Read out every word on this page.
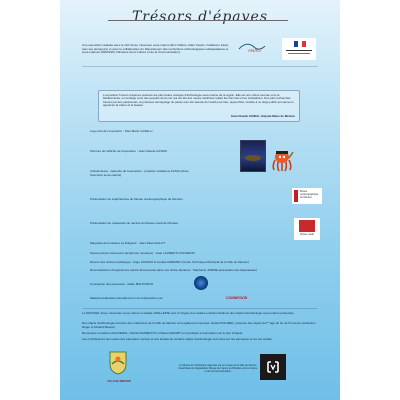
Trésors d'épaves
Une exposition réalisée avec le club Anao, l'aventure sous-marine (Éric Gillière, Alain Cascio, Guillaume Fassi, tous ses plongeurs) et avec la collaboration du Département des recherches archéologiques subaquatiques et sous-marines (DRASSM, Ministère de la Culture et de la Communication).	ANAO
L'exposition Trésors d'épaves présente les plus beaux vestiges d'archéologie sous-marine de la région. Elle est une vitrine tournée vers la Méditerranée, un héritage venu des peuples de la mer qui ont été des routes maritimes reliant les hommes et les civilisations. Nos plus recherchés trésors par des passionnés, du précieux témoignage du passé sont été sauvés de l'oubli pour être, aujourd'hui, révélés à un large public qui saura en apprécier la valeur et la beauté.
Jean-Claude GUIBAL, Député-Maire de Menton
Logo titre de l'exposition : Paul-Marie CASELLI
Peinture de l'affiche de l'exposition : Jean-Claude GIORGI
Architecteaux, mascotte de l'exposition : (création Guillaume FASSI (Anao, l'aventure sous-marine)
Présentation de scaphandres du Musée océanographique de Monaco
Présentation de maquettes de navires du Musée naval de Monaco
Musée océanographique de Monaco
Musée naval
Maquette de la tartane La Diligente : Jean-Paul HALLOT
Sceau poinçon découvert (amphores romaines) : Jean LAURENTI-CONVERSI
Décors des vitrines (éclairage) : Ange LANSAM et Aurélie FERRARI (Centre Technique Municipal de la Ville de Menton)
Reconstitutions d'organismes marins fluorescents dans une vitrine dioramie : Stéphanie JAMME (association les Aquanautes)
Conception des panneaux : Adèle MALTINSON
Matériel audiovisuel aimablement mis à disposition par	CONNEXION
Le DRASSM, Anao, l'aventure sous-marine et Gaëlle CRELLEPIE sont à l'origine des études et déterminations des objets d'archéologie sous-marine présentés.
Des objets d'archéologie terrestre des collections de la Ville de Menton sont également exposés. Roland PALMER, présente des objets du Iᵉʳ âge du fer de Provence (collection Roger et Roland Maurel).
Remerciés et Fabrice AUGUEROL, Patrick RASMETTO et Marcel DEORTI ont participé à l'exposition par le don d'objets.
Les contributeurs aux textes des panneaux muraux et aux études de certains objets d'archéologie sont cités sur les panneaux et sur les cartels.
VILLE DE MENTON
Le Musée de Préhistoire régionale est un musée de la Ville de Menton bénéficiant de l'appellation Musée de France du Ministère de la Culture et de la Communication.
